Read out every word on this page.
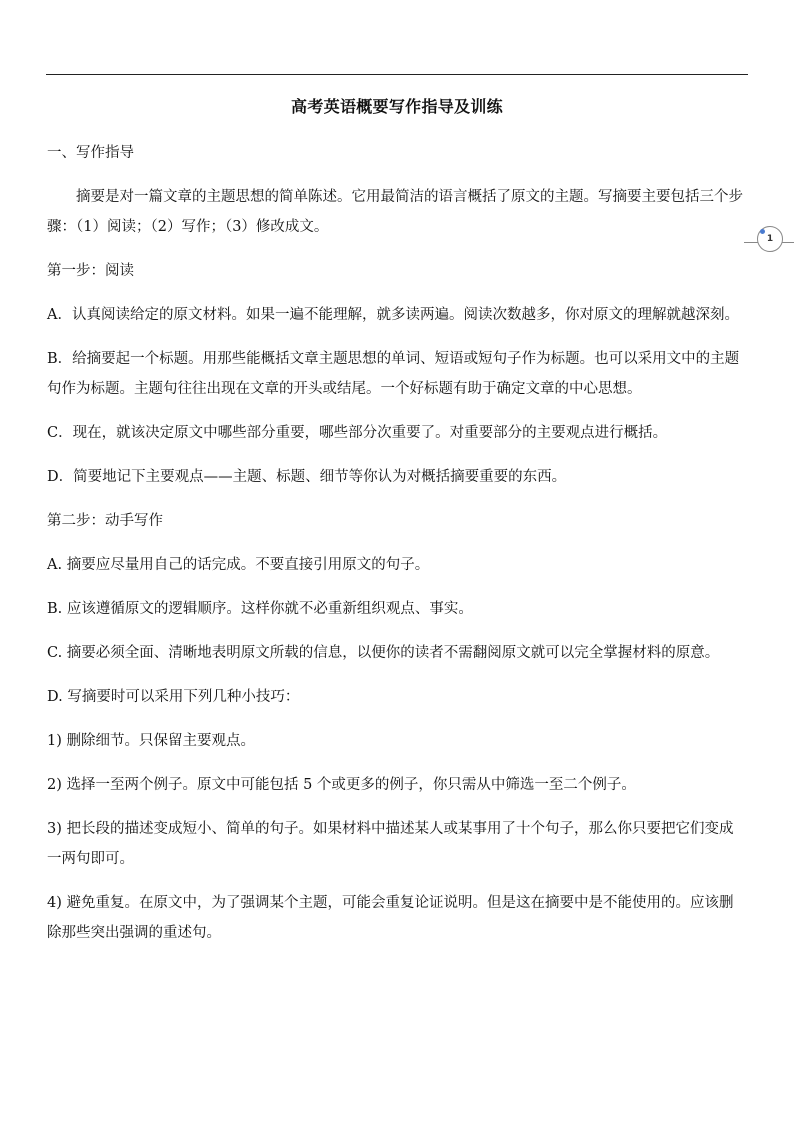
高考英语概要写作指导及训练
1

一、写作指导

摘要是对一篇文章的主题思想的简单陈述。它用最简洁的语言概括了原文的主题。写摘要主要包括三个步骤：（1）阅读；（2）写作；（3）修改成文。

第一步：阅读

A．认真阅读给定的原文材料。如果一遍不能理解，就多读两遍。阅读次数越多，你对原文的理解就越深刻。

B．给摘要起一个标题。用那些能概括文章主题思想的单词、短语或短句子作为标题。也可以采用文中的主题句作为标题。主题句往往出现在文章的开头或结尾。一个好标题有助于确定文章的中心思想。

C．现在，就该决定原文中哪些部分重要，哪些部分次重要了。对重要部分的主要观点进行概括。

D．简要地记下主要观点——主题、标题、细节等你认为对概括摘要重要的东西。

第二步：动手写作

A. 摘要应尽量用自己的话完成。不要直接引用原文的句子。

B. 应该遵循原文的逻辑顺序。这样你就不必重新组织观点、事实。

C. 摘要必须全面、清晰地表明原文所载的信息，以便你的读者不需翻阅原文就可以完全掌握材料的原意。

D. 写摘要时可以采用下列几种小技巧：

1) 删除细节。只保留主要观点。

2) 选择一至两个例子。原文中可能包括 5 个或更多的例子，你只需从中筛选一至二个例子。

3) 把长段的描述变成短小、简单的句子。如果材料中描述某人或某事用了十个句子，那么你只要把它们变成一两句即可。

4) 避免重复。在原文中，为了强调某个主题，可能会重复论证说明。但是这在摘要中是不能使用的。应该删除那些突出强调的重述句。
